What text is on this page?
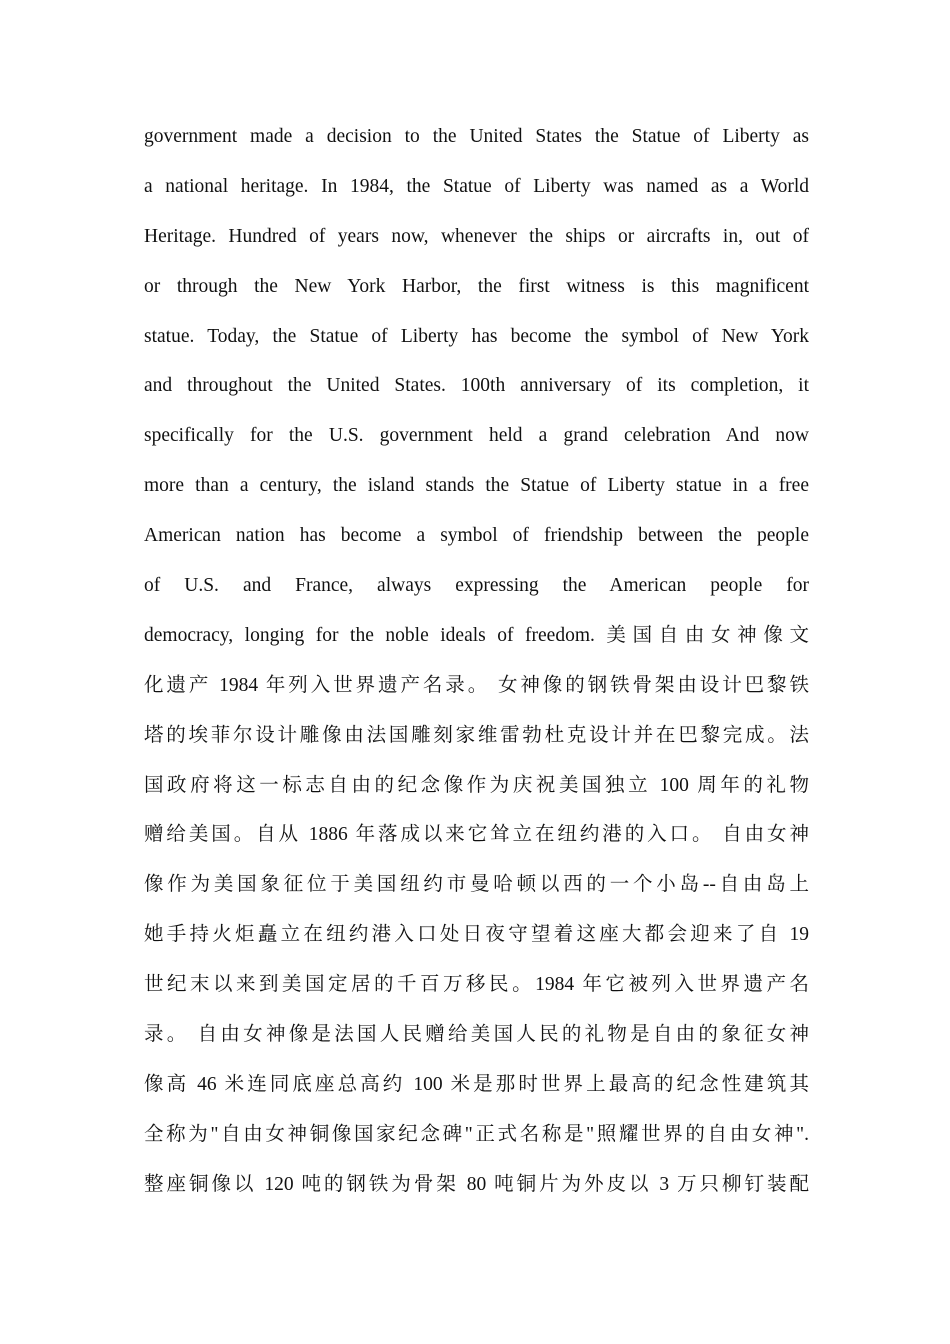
government made a decision to the United States the Statue of Liberty as
a national heritage. In 1984, the Statue of Liberty was named as a World
Heritage. Hundred of years now, whenever the ships or aircrafts in, out of
or through the New York Harbor, the first witness is this magnificent
statue. Today, the Statue of Liberty has become the symbol of New York
and throughout the United States. 100th anniversary of its completion, it
specifically for the U.S. government held a grand celebration And now
more than a century, the island stands the Statue of Liberty statue in a free
American nation has become a symbol of friendship between the people
of U.S. and France, always expressing the American people for
democracy, longing for the noble ideals of freedom. 美国自由女神像文
化遗产 1984 年列入世界遗产名录。 女神像的钢铁骨架由设计巴黎铁
塔的埃菲尔设计雕像由法国雕刻家维雷勃杜克设计并在巴黎完成。法
国政府将这一标志自由的纪念像作为庆祝美国独立 100 周年的礼物
赠给美国。自从 1886 年落成以来它耸立在纽约港的入口。 自由女神
像作为美国象征位于美国纽约市曼哈顿以西的一个小岛--自由岛上
她手持火炬矗立在纽约港入口处日夜守望着这座大都会迎来了自 19
世纪末以来到美国定居的千百万移民。1984 年它被列入世界遗产名
录。 自由女神像是法国人民赠给美国人民的礼物是自由的象征女神
像高 46 米连同底座总高约 100 米是那时世界上最高的纪念性建筑其
全称为"自由女神铜像国家纪念碑"正式名称是"照耀世界的自由女神".
整座铜像以 120 吨的钢铁为骨架 80 吨铜片为外皮以 3 万只柳钉装配
